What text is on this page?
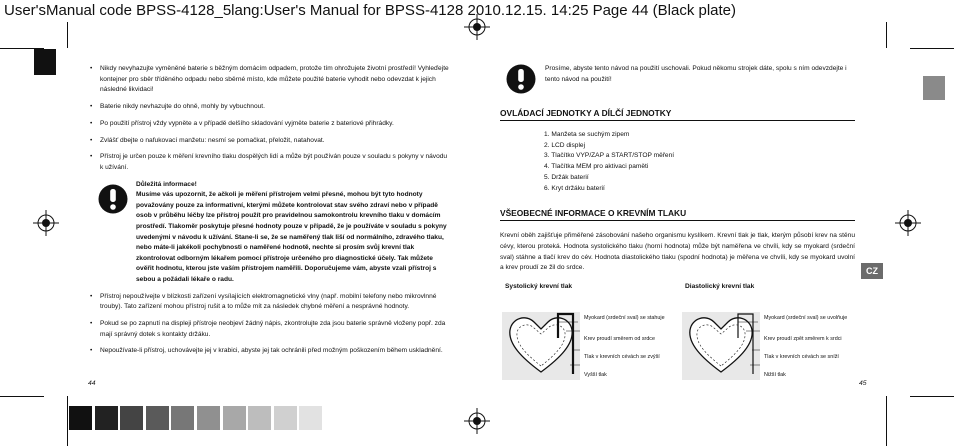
User'sManual code BPSS-4128_5lang:User's Manual for BPSS-4128 2010.12.15. 14:25 Page 44 (Black plate)
CZ
• Nikdy nevyhazujte vyměněné baterie s běžným domácím odpadem, protože tím ohrožujete životní prostředí! Vyhleďejte kontejner pro sběr tříděného odpadu nebo sběrné místo, kde můžete použité baterie vyhodit nebo odevzdat k jejich následné likvidaci!
• Baterie nikdy nevhazujte do ohně, mohly by vybuchnout.
• Po použití přístroj vždy vypněte a v případě delšího skladování vyjměte baterie z bateriové přihrádky.
• Zvlášť dbejte o nafukovací manžetu: nesmí se pomačkat, přeložit, natahovat.
• Přístroj je určen pouze k měření krevního tlaku dospělých lidí a může být používán pouze v souladu s pokyny v návodu k užívání.
Důležitá informace!
Musíme vás upozornit, že ačkoli je měření přístrojem velmi přesné, mohou být tyto hodnoty považovány pouze za informativní, kterými můžete kontrolovat stav svého zdraví nebo v případě osob v průběhu léčby lze přístroj použít pro pravidelnou samokontrolu krevního tlaku v domácím prostředí. Tlakoměr poskytuje přesné hodnoty pouze v případě, že je používáte v souladu s pokyny uvedenými v návodu k užívání. Stane-li se, že se naměřený tlak liší od normálního, zdravého tlaku, nebo máte-li jakékoli pochybnosti o naměřené hodnotě, nechte si prosím svůj krevní tlak zkontrolovat odborným lékařem pomocí přístroje určeného pro diagnostické účely. Tak můžete ověřit hodnotu, kterou jste vaším přístrojem naměřili. Doporučujeme vám, abyste vzali přístroj s sebou a požádali lékaře o radu.
• Přístroj nepoužívejte v blízkosti zařízení vysílajících elektromagnetické vlny (např. mobilní telefony nebo mikrovlnné trouby). Tato zařízení mohou přístroj rušit a to může mít za následek chybné měření a nesprávné hodnoty.
• Pokud se po zapnutí na displeji přístroje neobjeví žádný nápis, zkontrolujte zda jsou baterie správně vloženy popř. zda mají správný dotek s kontakty držáku.
• Nepoužívate-li přístroj, uchovávejte jej v krabici, abyste jej tak ochránili před možným poškozením během uskladnění.
44
Prosíme, abyste tento návod na použití uschovali. Pokud někomu strojek dáte, spolu s ním odevzdejte i tento návod na použití!
OVLÁDACÍ JEDNOTKY A DÍLČÍ JEDNOTKY
1. Manžeta se suchým zipem
2. LCD displej
3. Tlačítko VYP/ZAP a START/STOP měření
4. Tlačítka MEM pro aktivaci paměti
5. Držák baterií
6. Kryt držáku baterií
VŠEOBECNÉ INFORMACE O KREVNÍM TLAKU
Krevní oběh zajišťuje přiměřené zásobování našeho organismu kyslíkem. Krevní tlak je tlak, kterým působí krev na stěnu cévy, kterou proteká. Hodnota systolického tlaku (horní hodnota) může být naměřena ve chvíli, kdy se myokard (srdeční sval) stáhne a tlačí krev do cév. Hodnota diastolického tlaku (spodní hodnota) je měřena ve chvíli, kdy se myokard uvolní a krev proudí ze žil do srdce.
Systolický krevní tlak
Myokard (srdeční sval) se stahuje
Krev proudí směrem od srdce
Tlak v krevních cévách se zvýší
Vyšší tlak
Diastolický krevní tlak
Myokard (srdeční sval) se uvolňuje
Krev proudí zpět směrem k srdci
Tlak v krevních cévách se sníží
Nižší tlak
45
